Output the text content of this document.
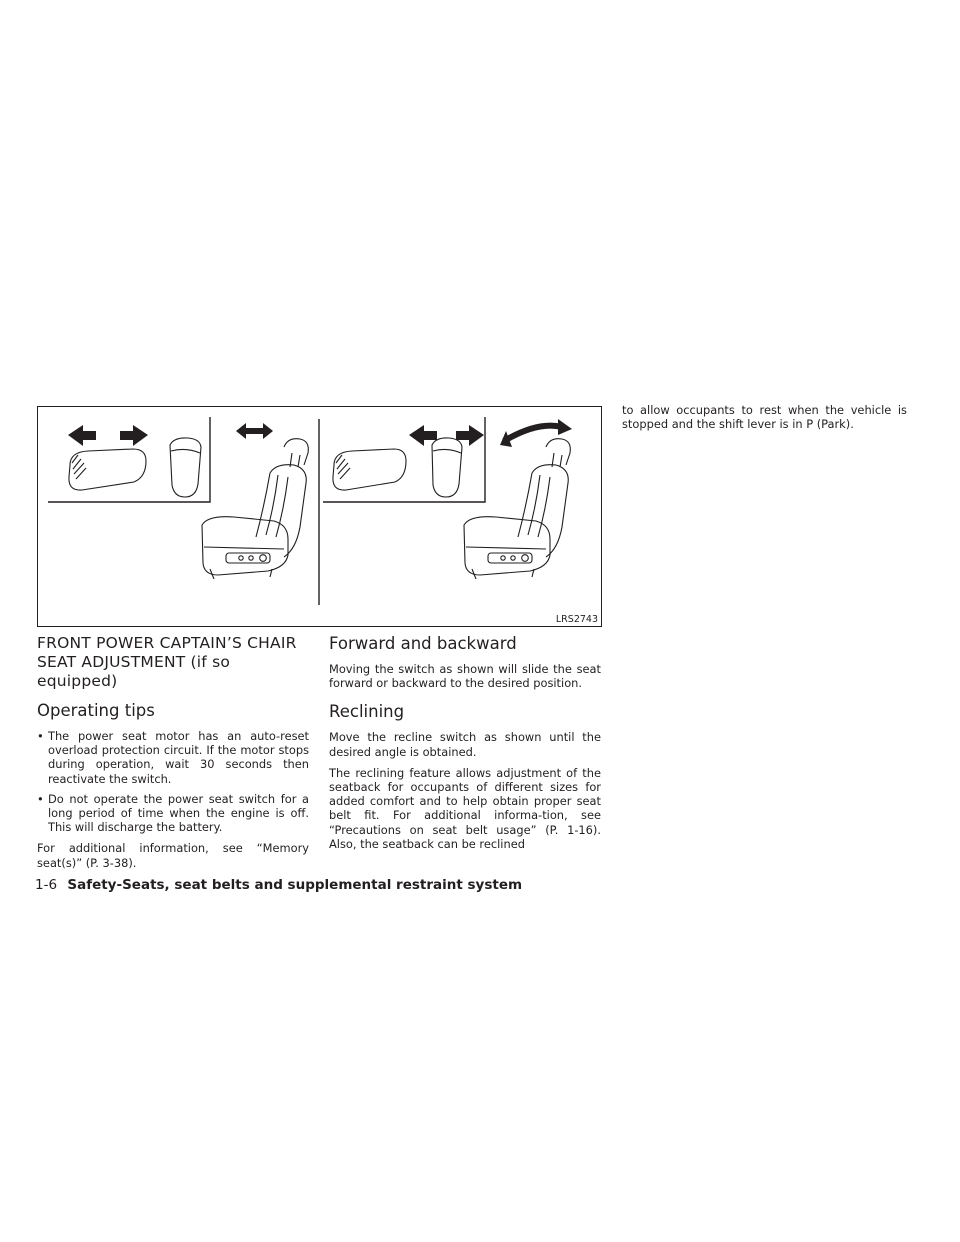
LRS2743
FRONT POWER CAPTAIN’S CHAIR SEAT ADJUSTMENT (if so equipped)
Operating tips
• The power seat motor has an auto-reset overload protection circuit. If the motor stops during operation, wait 30 seconds then reactivate the switch.
• Do not operate the power seat switch for a long period of time when the engine is off. This will discharge the battery.

For additional information, see “Memory seat(s)” (P. 3-38).

Forward and backward

Moving the switch as shown will slide the seat forward or backward to the desired position.

Reclining

Move the recline switch as shown until the desired angle is obtained.

The reclining feature allows adjustment of the seatback for occupants of different sizes for added comfort and to help obtain proper seat belt fit. For additional informa-tion, see “Precautions on seat belt usage” (P. 1-16). Also, the seatback can be reclined

to allow occupants to rest when the vehicle is stopped and the shift lever is in P (Park).

1-6 Safety-Seats, seat belts and supplemental restraint system
